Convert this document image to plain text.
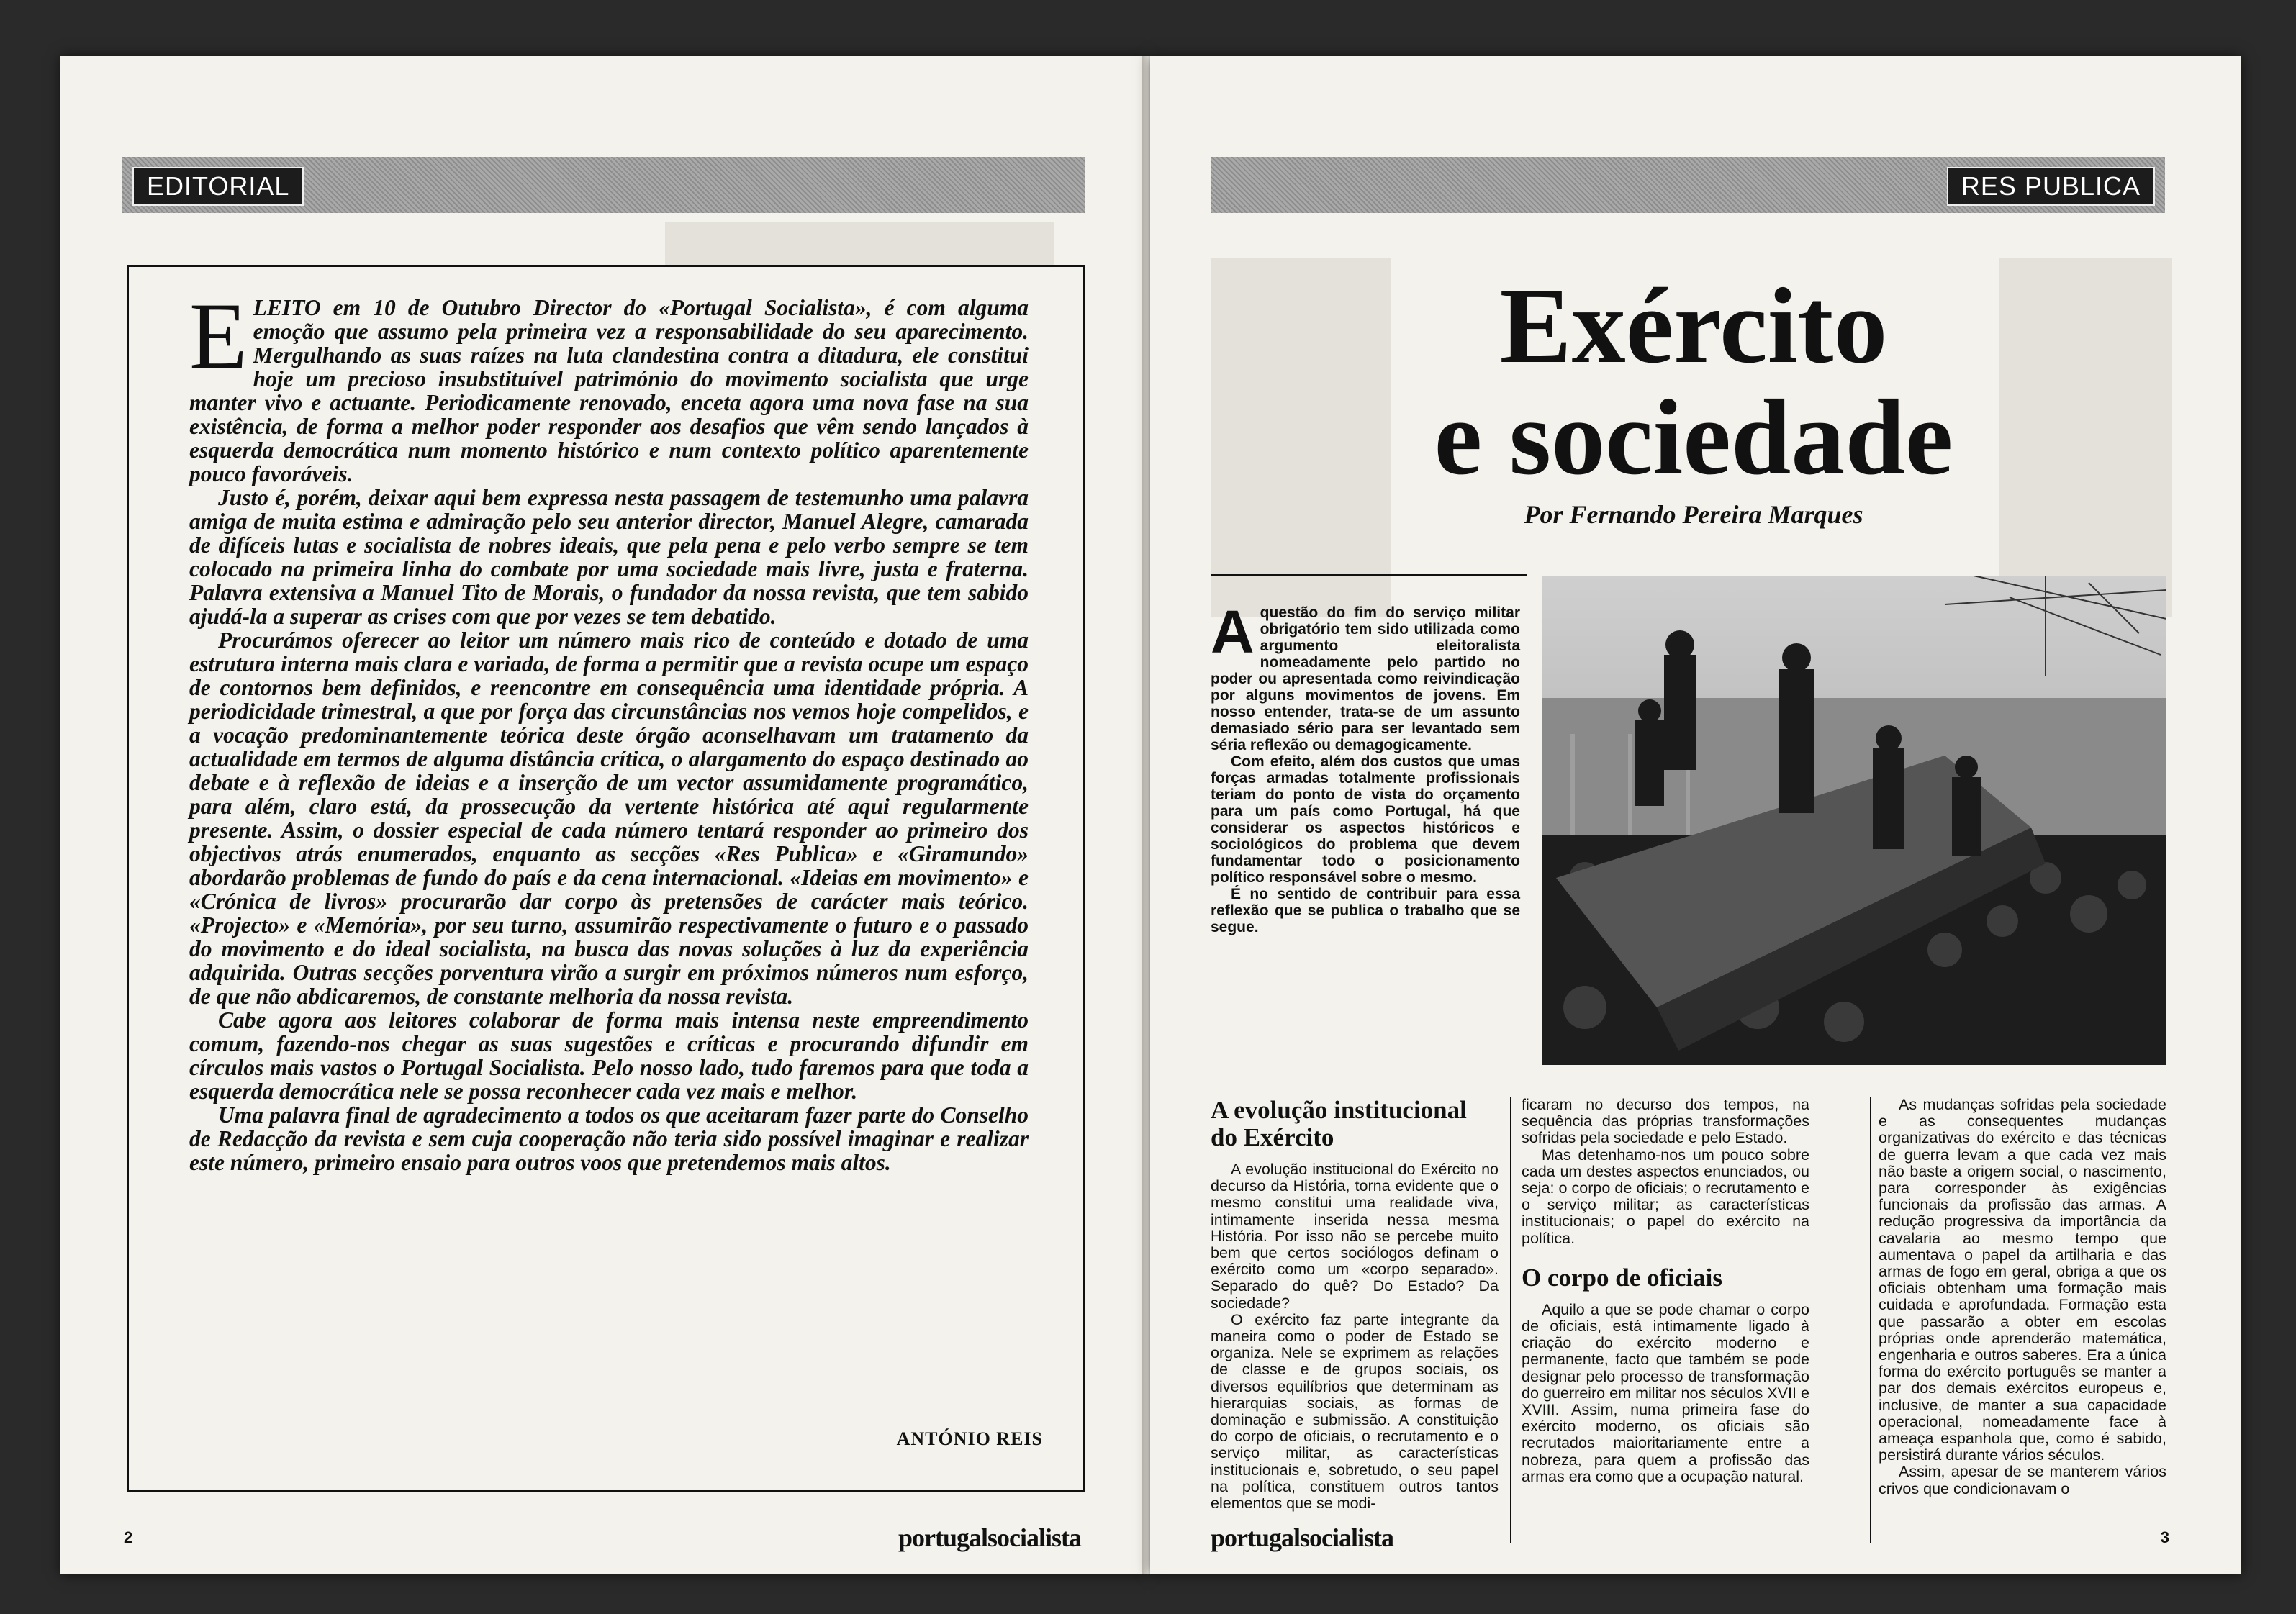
EDITORIAL

ELEITO em 10 de Outubro Director do «Portugal Socialista», é com alguma emoção que assumo pela primeira vez a responsabilidade do seu aparecimento. Mergulhando as suas raízes na luta clandestina contra a ditadura, ele constitui hoje um precioso insubstituível património do movimento socialista que urge manter vivo e actuante. Periodicamente renovado, enceta agora uma nova fase na sua existência, de forma a melhor poder responder aos desafios que vêm sendo lançados à esquerda democrática num momento histórico e num contexto político aparentemente pouco favoráveis.

Justo é, porém, deixar aqui bem expressa nesta passagem de testemunho uma palavra amiga de muita estima e admiração pelo seu anterior director, Manuel Alegre, camarada de difíceis lutas e socialista de nobres ideais, que pela pena e pelo verbo sempre se tem colocado na primeira linha do combate por uma sociedade mais livre, justa e fraterna. Palavra extensiva a Manuel Tito de Morais, o fundador da nossa revista, que tem sabido ajudá-la a superar as crises com que por vezes se tem debatido.

Procurámos oferecer ao leitor um número mais rico de conteúdo e dotado de uma estrutura interna mais clara e variada, de forma a permitir que a revista ocupe um espaço de contornos bem definidos, e reencontre em consequência uma identidade própria. A periodicidade trimestral, a que por força das circunstâncias nos vemos hoje compelidos, e a vocação predominantemente teórica deste órgão aconselhavam um tratamento da actualidade em termos de alguma distância crítica, o alargamento do espaço destinado ao debate e à reflexão de ideias e a inserção de um vector assumidamente programático, para além, claro está, da prossecução da vertente histórica até aqui regularmente presente. Assim, o dossier especial de cada número tentará responder ao primeiro dos objectivos atrás enumerados, enquanto as secções «Res Publica» e «Giramundo» abordarão problemas de fundo do país e da cena internacional. «Ideias em movimento» e «Crónica de livros» procurarão dar corpo às pretensões de carácter mais teórico. «Projecto» e «Memória», por seu turno, assumirão respectivamente o futuro e o passado do movimento e do ideal socialista, na busca das novas soluções à luz da experiência adquirida. Outras secções porventura virão a surgir em próximos números num esforço, de que não abdicaremos, de constante melhoria da nossa revista.

Cabe agora aos leitores colaborar de forma mais intensa neste empreendimento comum, fazendo-nos chegar as suas sugestões e críticas e procurando difundir em círculos mais vastos o Portugal Socialista. Pelo nosso lado, tudo faremos para que toda a esquerda democrática nele se possa reconhecer cada vez mais e melhor.

Uma palavra final de agradecimento a todos os que aceitaram fazer parte do Conselho de Redacção da revista e sem cuja cooperação não teria sido possível imaginar e realizar este número, primeiro ensaio para outros voos que pretendemos mais altos.

ANTÓNIO REIS
2	portugalsocialista
RES PUBLICA
Exército
e sociedade
Por Fernando Pereira Marques

Aquestão do fim do serviço militar obrigatório tem sido utilizada como argumento eleitoralista nomeadamente pelo partido no poder ou apresentada como reivindicação por alguns movimentos de jovens. Em nosso entender, trata-se de um assunto demasiado sério para ser levantado sem séria reflexão ou demagogicamente.

Com efeito, além dos custos que umas forças armadas totalmente profissionais teriam do ponto de vista do orçamento para um país como Portugal, há que considerar os aspectos históricos e sociológicos do problema que devem fundamentar todo o posicionamento político responsável sobre o mesmo.

É no sentido de contribuir para essa reflexão que se publica o trabalho que se segue.

A evolução institucional do Exército

A evolução institucional do Exército no decurso da História, torna evidente que o mesmo constitui uma realidade viva, intimamente inserida nessa mesma História. Por isso não se percebe muito bem que certos sociólogos definam o exército como um «corpo separado». Separado do quê? Do Estado? Da sociedade?

O exército faz parte integrante da maneira como o poder de Estado se organiza. Nele se exprimem as relações de classe e de grupos sociais, os diversos equilíbrios que determinam as hierarquias sociais, as formas de dominação e submissão. A constituição do corpo de oficiais, o recrutamento e o serviço militar, as características institucionais e, sobretudo, o seu papel na política, constituem outros tantos elementos que se modi-

ficaram no decurso dos tempos, na sequência das próprias transformações sofridas pela sociedade e pelo Estado.

Mas detenhamo-nos um pouco sobre cada um destes aspectos enunciados, ou seja: o corpo de oficiais; o recrutamento e o serviço militar; as características institucionais; o papel do exército na política.

O corpo de oficiais

Aquilo a que se pode chamar o corpo de oficiais, está intimamente ligado à criação do exército moderno e permanente, facto que também se pode designar pelo processo de transformação do guerreiro em militar nos séculos XVII e XVIII. Assim, numa primeira fase do exército moderno, os oficiais são recrutados maioritariamente entre a nobreza, para quem a profissão das armas era como que a ocupação natural.

As mudanças sofridas pela sociedade e as consequentes mudanças organizativas do exército e das técnicas de guerra levam a que cada vez mais não baste a origem social, o nascimento, para corresponder às exigências funcionais da profissão das armas. A redução progressiva da importância da cavalaria ao mesmo tempo que aumentava o papel da artilharia e das armas de fogo em geral, obriga a que os oficiais obtenham uma formação mais cuidada e aprofundada. Formação esta que passarão a obter em escolas próprias onde aprenderão matemática, engenharia e outros saberes. Era a única forma do exército português se manter a par dos demais exércitos europeus e, inclusive, de manter a sua capacidade operacional, nomeadamente face à ameaça espanhola que, como é sabido, persistirá durante vários séculos.

Assim, apesar de se manterem vários crivos que condicionavam o

portugalsocialista	3
